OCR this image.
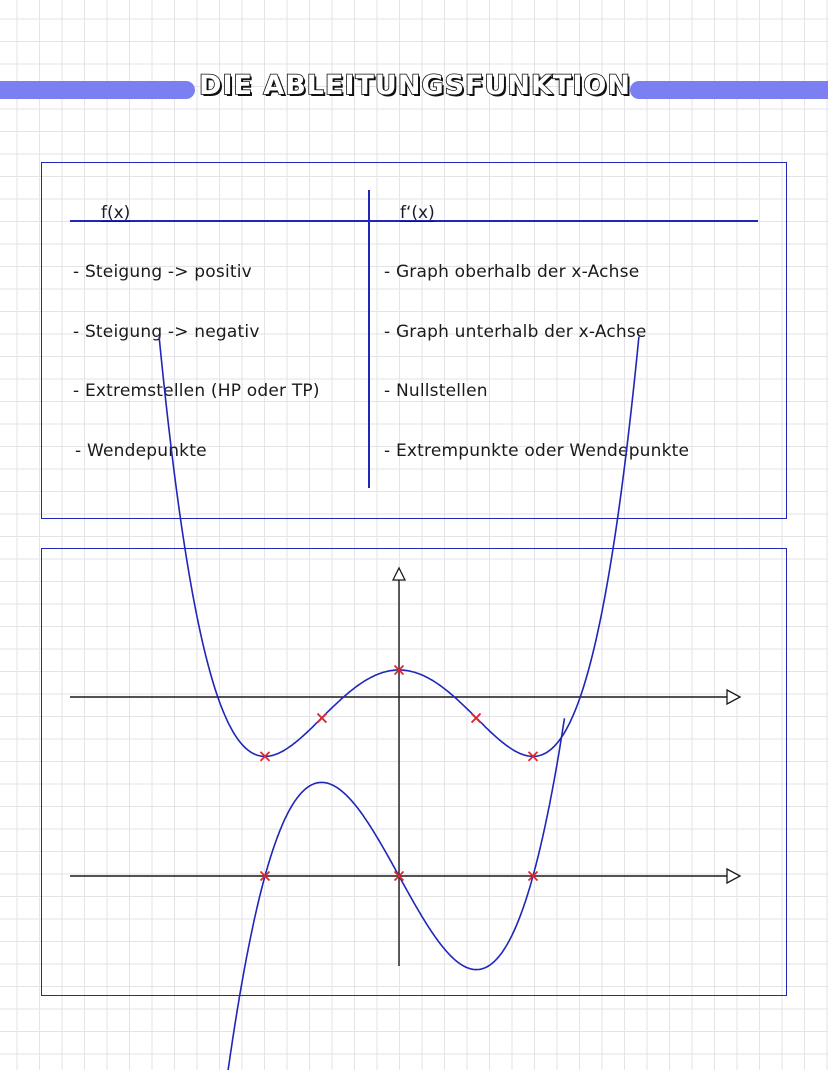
DIE ABLEITUNGSFUNKTION
f(x)	f‘(x)
- Steigung -> positiv	- Graph oberhalb der x-Achse
- Steigung -> negativ	- Graph unterhalb der x-Achse
- Extremstellen (HP oder TP)	- Nullstellen
- Wendepunkte	- Extrempunkte oder Wendepunkte
